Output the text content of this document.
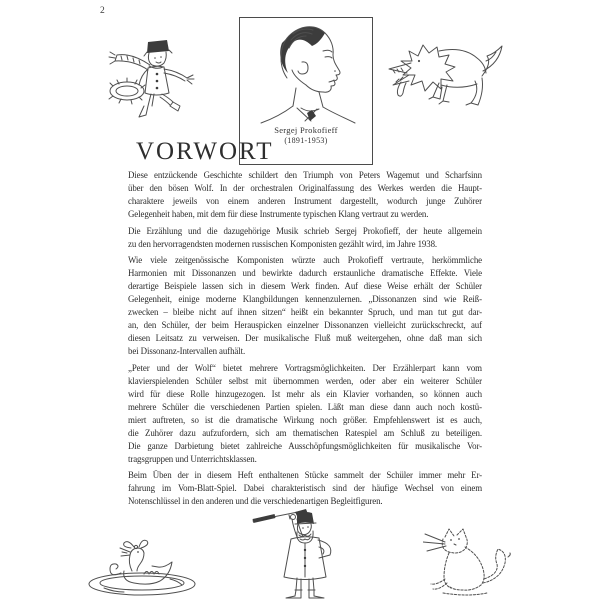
2
Sergej Prokofieff
(1891-1953)
VORWORT
Diese entzückende Geschichte schildert den Triumph von Peters Wagemut und Scharfsinn
über den bösen Wolf. In der orchestralen Originalfassung des Werkes werden die Haupt-
charaktere jeweils von einem anderen Instrument dargestellt, wodurch junge Zuhörer
Gelegenheit haben, mit dem für diese Instrumente typischen Klang vertraut zu werden.
Die Erzählung und die dazugehörige Musik schrieb Sergej Prokofieff, der heute allgemein
zu den hervorragendsten modernen russischen Komponisten gezählt wird, im Jahre 1938.
Wie viele zeitgenössische Komponisten würzte auch Prokofieff vertraute, herkömmliche
Harmonien mit Dissonanzen und bewirkte dadurch erstaunliche dramatische Effekte. Viele
derartige Beispiele lassen sich in diesem Werk finden. Auf diese Weise erhält der Schüler
Gelegenheit, einige moderne Klangbildungen kennenzulernen. „Dissonanzen sind wie Reiß-
zwecken – bleibe nicht auf ihnen sitzen“ heißt ein bekannter Spruch, und man tut gut dar-
an, den Schüler, der beim Herauspicken einzelner Dissonanzen vielleicht zurückschreckt, auf
diesen Leitsatz zu verweisen. Der musikalische Fluß muß weitergehen, ohne daß man sich
bei Dissonanz-Intervallen aufhält.
„Peter und der Wolf“ bietet mehrere Vortragsmöglichkeiten. Der Erzählerpart kann vom
klavierspielenden Schüler selbst mit übernommen werden, oder aber ein weiterer Schüler
wird für diese Rolle hinzugezogen. Ist mehr als ein Klavier vorhanden, so können auch
mehrere Schüler die verschiedenen Partien spielen. Läßt man diese dann auch noch kostü-
miert auftreten, so ist die dramatische Wirkung noch größer. Empfehlenswert ist es auch,
die Zuhörer dazu aufzufordern, sich am thematischen Ratespiel am Schluß zu beteiligen.
Die ganze Darbietung bietet zahlreiche Ausschöpfungsmöglichkeiten für musikalische Vor-
tragsgruppen und Unterrichtsklassen.
Beim Üben der in diesem Heft enthaltenen Stücke sammelt der Schüler immer mehr Er-
fahrung im Vom-Blatt-Spiel. Dabei charakteristisch sind der häufige Wechsel von einem
Notenschlüssel in den anderen und die verschiedenartigen Begleitfiguren.
